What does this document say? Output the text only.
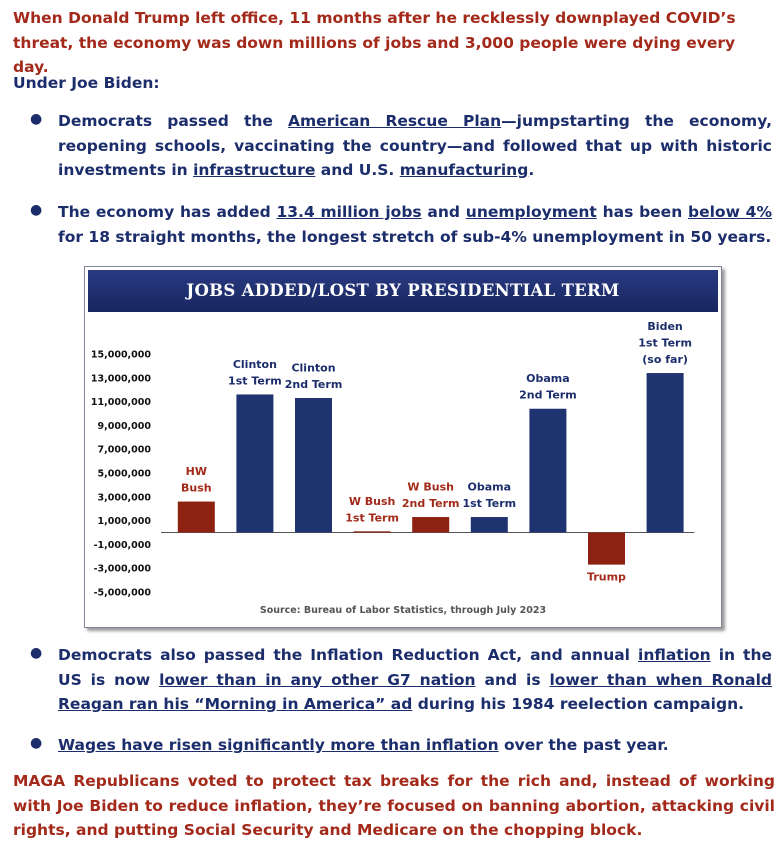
When Donald Trump left office, 11 months after he recklessly downplayed COVID’s
threat, the economy was down millions of jobs and 3,000 people were dying every day.

Under Joe Biden:

● Democrats passed the American Rescue Plan—jumpstarting the economy, reopening schools, vaccinating the country—and followed that up with historic investments in infrastructure and U.S. manufacturing.

● The economy has added 13.4 million jobs and unemployment has been below 4% for 18 straight months, the longest stretch of sub-4% unemployment in 50 years.

JOBS ADDED/LOST BY PRESIDENTIAL TERM
15,000,000
13,000,000
11,000,000
9,000,000
7,000,000
5,000,000
3,000,000
1,000,000
-1,000,000
-3,000,000
-5,000,000
HW
Bush
Clinton
1st Term
Clinton
2nd Term
W Bush
1st Term
W Bush
2nd Term
Obama
1st Term
Obama
2nd Term
Trump
Biden
1st Term
(so far)
Source: Bureau of Labor Statistics, through July 2023
● Democrats also passed the Inflation Reduction Act, and annual inflation in the US is now lower than in any other G7 nation and is lower than when Ronald Reagan ran his “Morning in America” ad during his 1984 reelection campaign.

● Wages have risen significantly more than inflation over the past year.

MAGA Republicans voted to protect tax breaks for the rich and, instead of working with Joe Biden to reduce inflation, they’re focused on banning abortion, attacking civil rights, and putting Social Security and Medicare on the chopping block.
